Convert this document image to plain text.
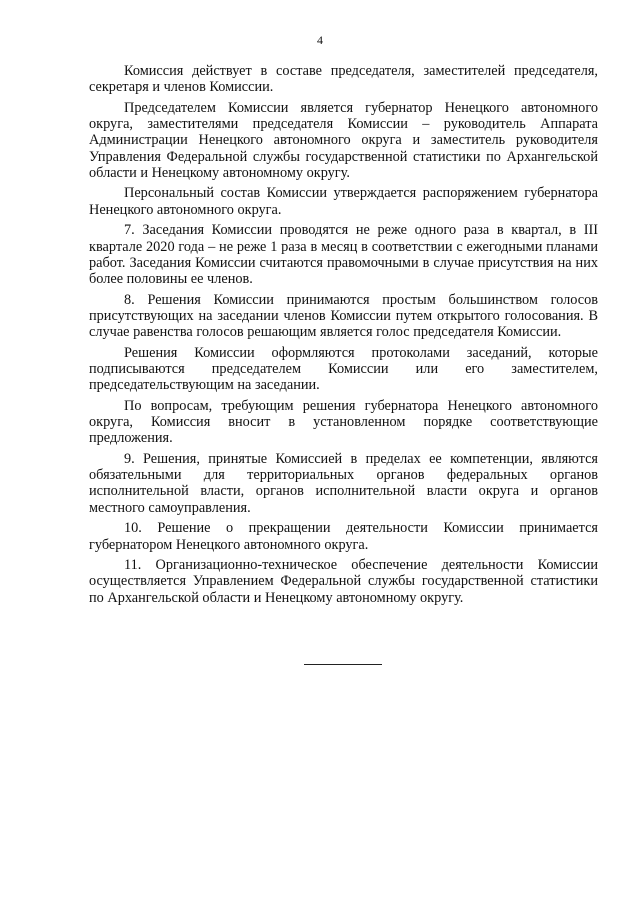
4

Комиссия действует в составе председателя, заместителей председателя, секретаря и членов Комиссии.

Председателем Комиссии является губернатор Ненецкого автономного округа, заместителями председателя Комиссии – руководитель Аппарата Администрации Ненецкого автономного округа и заместитель руководителя Управления Федеральной службы государственной статистики по Архангельской области и Ненецкому автономному округу.

Персональный состав Комиссии утверждается распоряжением губернатора Ненецкого автономного округа.

7. Заседания Комиссии проводятся не реже одного раза в квартал, в III квартале 2020 года – не реже 1 раза в месяц в соответствии с ежегодными планами работ. Заседания Комиссии считаются правомочными в случае присутствия на них более половины ее членов.

8. Решения Комиссии принимаются простым большинством голосов присутствующих на заседании членов Комиссии путем открытого голосования. В случае равенства голосов решающим является голос председателя Комиссии.

Решения Комиссии оформляются протоколами заседаний, которые подписываются председателем Комиссии или его заместителем, председательствующим на заседании.

По вопросам, требующим решения губернатора Ненецкого автономного округа, Комиссия вносит в установленном порядке соответствующие предложения.

9. Решения, принятые Комиссией в пределах ее компетенции, являются обязательными для территориальных органов федеральных органов исполнительной власти, органов исполнительной власти округа и органов местного самоуправления.

10. Решение о прекращении деятельности Комиссии принимается губернатором Ненецкого автономного округа.

11. Организационно-техническое обеспечение деятельности Комиссии осуществляется Управлением Федеральной службы государственной статистики по Архангельской области и Ненецкому автономному округу.
